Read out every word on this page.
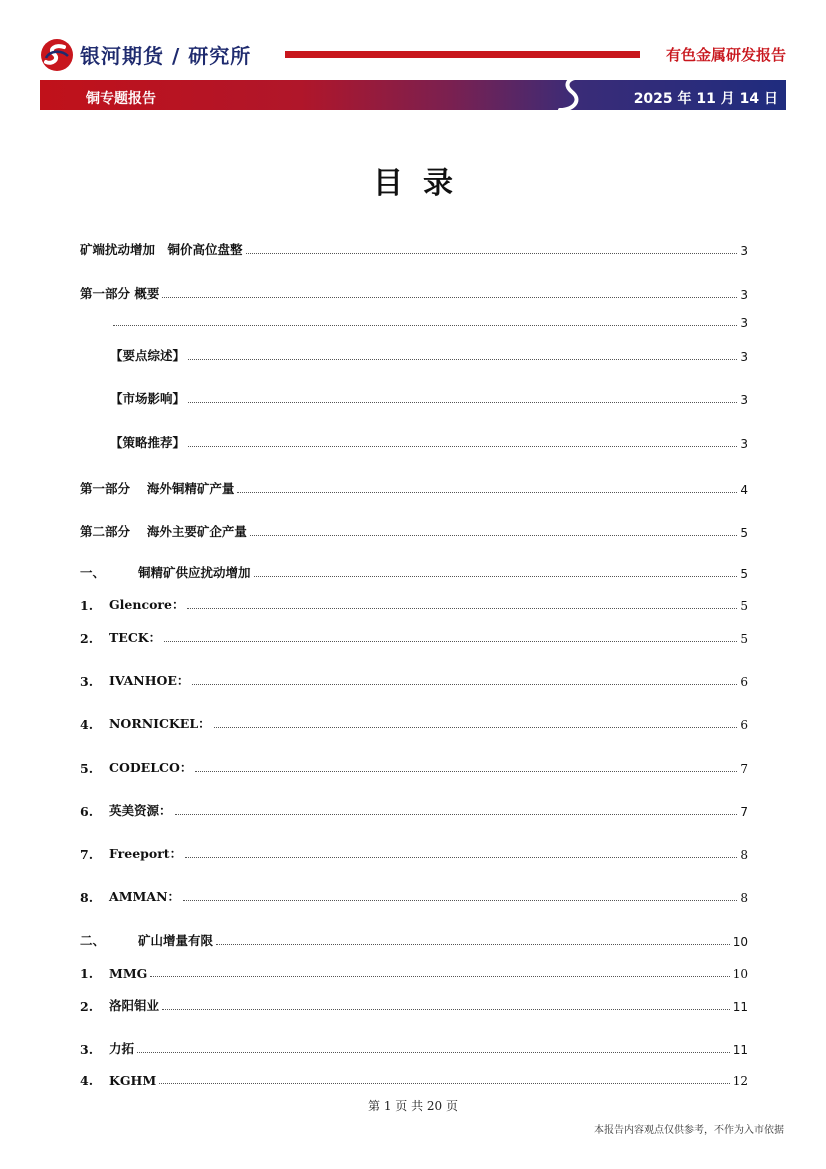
银河期货 / 研究所	有色金属研发报告
铜专题报告	2025 年 11 月 14 日
目录
矿端扰动增加　铜价高位盘整	3
第一部分 概要	3
3
【要点综述】	3
【市场影响】	3
【策略推荐】	3
第一部分　 海外铜精矿产量	4
第二部分　 海外主要矿企产量	5
一、	铜精矿供应扰动增加	5
1.	Glencore：	5
2.	TECK：	5
3.	IVANHOE：	6
4.	NORNICKEL：	6
5.	CODELCO：	7
6.	英美资源：	7
7.	Freeport：	8
8.	AMMAN：	8
二、	矿山增量有限	10
1.	MMG	10
2.	洛阳钼业	11
3.	力拓	11
4.	KGHM	12
第 1 页 共 20 页
本报告内容观点仅供参考，不作为入市依据
